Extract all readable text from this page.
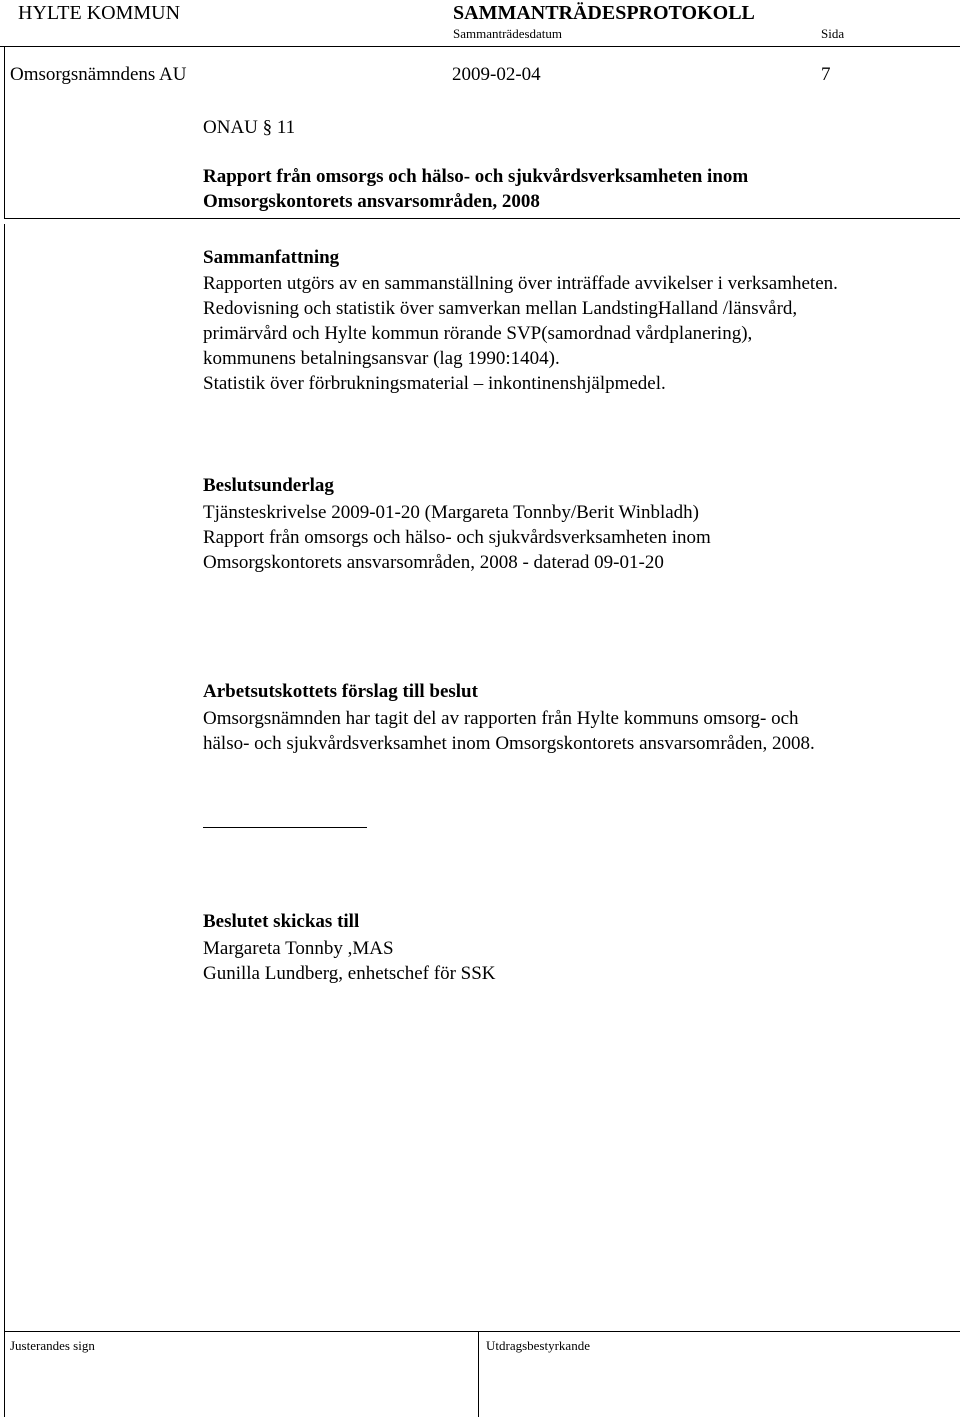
HYLTE KOMMUN	SAMMANTRÄDESPROTOKOLL
Sammanträdesdatum	Sida
Omsorgsnämndens AU	2009-02-04	7
ONAU § 11
Rapport från omsorgs och hälso- och sjukvårdsverksamheten inom
Omsorgskontorets ansvarsområden, 2008
Sammanfattning
Rapporten utgörs av en sammanställning över inträffade avvikelser i verksamheten.
Redovisning och statistik över samverkan mellan LandstingHalland /länsvård,
primärvård och Hylte kommun rörande SVP(samordnad vårdplanering),
kommunens betalningsansvar (lag 1990:1404).
Statistik över förbrukningsmaterial – inkontinenshjälpmedel.
Beslutsunderlag
Tjänsteskrivelse 2009-01-20 (Margareta Tonnby/Berit Winbladh)
Rapport från omsorgs och hälso- och sjukvårdsverksamheten inom
Omsorgskontorets ansvarsområden, 2008 - daterad 09-01-20
Arbetsutskottets förslag till beslut
Omsorgsnämnden har tagit del av rapporten från Hylte kommuns omsorg- och
hälso- och sjukvårdsverksamhet inom Omsorgskontorets ansvarsområden, 2008.
Beslutet skickas till
Margareta Tonnby ,MAS
Gunilla Lundberg, enhetschef för SSK
Justerandes sign	Utdragsbestyrkande
